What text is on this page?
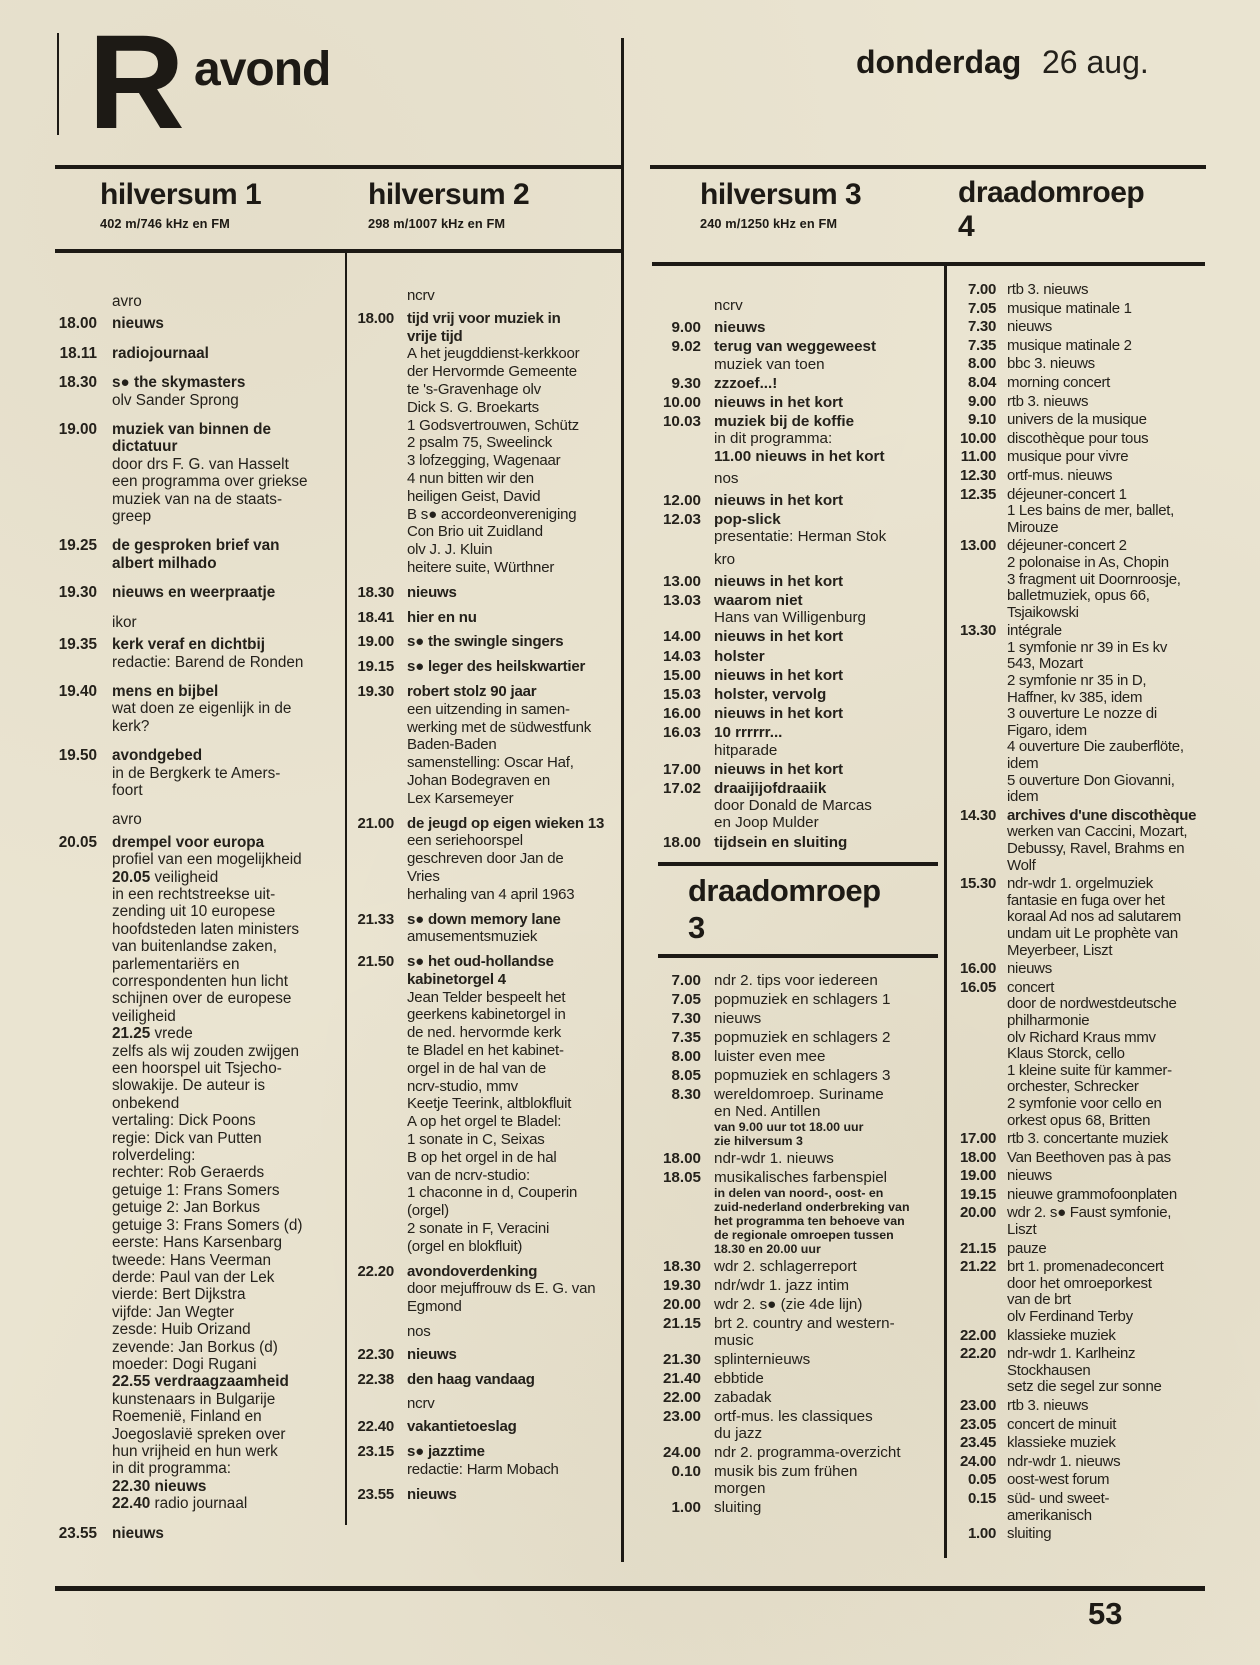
R avond	donderdag 26 aug.
hilversum 1
402 m/746 kHz en FM
hilversum 2
298 m/1007 kHz en FM
hilversum 3
240 m/1250 kHz en FM
draadomroep
4
avro
18.00 nieuws
18.11 radiojournaal
18.30 s● the skymasters
olv Sander Sprong
19.00 muziek van binnen de
dictatuur
door drs F. G. van Hasselt
een programma over griekse
muziek van na de staats-
greep
19.25 de gesproken brief van
albert milhado
19.30 nieuws en weerpraatje
ikor
19.35 kerk veraf en dichtbij
redactie: Barend de Ronden
19.40 mens en bijbel
wat doen ze eigenlijk in de
kerk?
19.50 avondgebed
in de Bergkerk te Amers-
foort
avro
20.05 drempel voor europa
profiel van een mogelijkheid
20.05 veiligheid
in een rechtstreekse uit-
zending uit 10 europese
hoofdsteden laten ministers
van buitenlandse zaken,
parlementariërs en
correspondenten hun licht
schijnen over de europese
veiligheid
21.25 vrede
zelfs als wij zouden zwijgen
een hoorspel uit Tsjecho-
slowakije. De auteur is
onbekend
vertaling: Dick Poons
regie: Dick van Putten
rolverdeling:
rechter: Rob Geraerds
getuige 1: Frans Somers
getuige 2: Jan Borkus
getuige 3: Frans Somers (d)
eerste: Hans Karsenbarg
tweede: Hans Veerman
derde: Paul van der Lek
vierde: Bert Dijkstra
vijfde: Jan Wegter
zesde: Huib Orizand
zevende: Jan Borkus (d)
moeder: Dogi Rugani
22.55 verdraagzaamheid
kunstenaars in Bulgarije
Roemenië, Finland en
Joegoslavië spreken over
hun vrijheid en hun werk
in dit programma:
22.30 nieuws
22.40 radio journaal
23.55 nieuws
ncrv
18.00 tijd vrij voor muziek in
vrije tijd
A het jeugddienst-kerkkoor
der Hervormde Gemeente
te 's-Gravenhage olv
Dick S. G. Broekarts
1 Godsvertrouwen, Schütz
2 psalm 75, Sweelinck
3 lofzegging, Wagenaar
4 nun bitten wir den
heiligen Geist, David
B s● accordeonvereniging
Con Brio uit Zuidland
olv J. J. Kluin
heitere suite, Würthner
18.30 nieuws
18.41 hier en nu
19.00 s● the swingle singers
19.15 s● leger des heilskwartier
19.30 robert stolz 90 jaar
een uitzending in samen-
werking met de südwestfunk
Baden-Baden
samenstelling: Oscar Haf,
Johan Bodegraven en
Lex Karsemeyer
21.00 de jeugd op eigen wieken 13
een seriehoorspel
geschreven door Jan de
Vries
herhaling van 4 april 1963
21.33 s● down memory lane
amusementsmuziek
21.50 s● het oud-hollandse
kabinetorgel 4
Jean Telder bespeelt het
geerkens kabinetorgel in
de ned. hervormde kerk
te Bladel en het kabinet-
orgel in de hal van de
ncrv-studio, mmv
Keetje Teerink, altblokfluit
A op het orgel te Bladel:
1 sonate in C, Seixas
B op het orgel in de hal
van de ncrv-studio:
1 chaconne in d, Couperin
(orgel)
2 sonate in F, Veracini
(orgel en blokfluit)
22.20 avondoverdenking
door mejuffrouw ds E. G. van
Egmond
nos
22.30 nieuws
22.38 den haag vandaag
ncrv
22.40 vakantietoeslag
23.15 s● jazztime
redactie: Harm Mobach
23.55 nieuws
ncrv
9.00 nieuws
9.02 terug van weggeweest
muziek van toen
9.30 zzzoef...!
10.00 nieuws in het kort
10.03 muziek bij de koffie
in dit programma:
11.00 nieuws in het kort
nos
12.00 nieuws in het kort
12.03 pop-slick
presentatie: Herman Stok
kro
13.00 nieuws in het kort
13.03 waarom niet
Hans van Willigenburg
14.00 nieuws in het kort
14.03 holster
15.00 nieuws in het kort
15.03 holster, vervolg
16.00 nieuws in het kort
16.03 10 rrrrrr...
hitparade
17.00 nieuws in het kort
17.02 draaijijofdraaiik
door Donald de Marcas
en Joop Mulder
18.00 tijdsein en sluiting
draadomroep
3
7.00 ndr 2. tips voor iedereen
7.05 popmuziek en schlagers 1
7.30 nieuws
7.35 popmuziek en schlagers 2
8.00 luister even mee
8.05 popmuziek en schlagers 3
8.30 wereldomroep. Suriname
en Ned. Antillen
van 9.00 uur tot 18.00 uur
zie hilversum 3
18.00 ndr-wdr 1. nieuws
18.05 musikalisches farbenspiel
in delen van noord-, oost- en
zuid-nederland onderbreking van
het programma ten behoeve van
de regionale omroepen tussen
18.30 en 20.00 uur
18.30 wdr 2. schlagerreport
19.30 ndr/wdr 1. jazz intim
20.00 wdr 2. s● (zie 4de lijn)
21.15 brt 2. country and western-
music
21.30 splinternieuws
21.40 ebbtide
22.00 zabadak
23.00 ortf-mus. les classiques
du jazz
24.00 ndr 2. programma-overzicht
0.10 musik bis zum frühen
morgen
1.00 sluiting
7.00 rtb 3. nieuws
7.05 musique matinale 1
7.30 nieuws
7.35 musique matinale 2
8.00 bbc 3. nieuws
8.04 morning concert
9.00 rtb 3. nieuws
9.10 univers de la musique
10.00 discothèque pour tous
11.00 musique pour vivre
12.30 ortf-mus. nieuws
12.35 déjeuner-concert 1
1 Les bains de mer, ballet,
Mirouze
13.00 déjeuner-concert 2
2 polonaise in As, Chopin
3 fragment uit Doornroosje,
balletmuziek, opus 66,
Tsjaikowski
13.30 intégrale
1 symfonie nr 39 in Es kv
543, Mozart
2 symfonie nr 35 in D,
Haffner, kv 385, idem
3 ouverture Le nozze di
Figaro, idem
4 ouverture Die zauberflöte,
idem
5 ouverture Don Giovanni,
idem
14.30 archives d'une discothèque
werken van Caccini, Mozart,
Debussy, Ravel, Brahms en
Wolf
15.30 ndr-wdr 1. orgelmuziek
fantasie en fuga over het
koraal Ad nos ad salutarem
undam uit Le prophète van
Meyerbeer, Liszt
16.00 nieuws
16.05 concert
door de nordwestdeutsche
philharmonie
olv Richard Kraus mmv
Klaus Storck, cello
1 kleine suite für kammer-
orchester, Schrecker
2 symfonie voor cello en
orkest opus 68, Britten
17.00 rtb 3. concertante muziek
18.00 Van Beethoven pas à pas
19.00 nieuws
19.15 nieuwe grammofoonplaten
20.00 wdr 2. s● Faust symfonie,
Liszt
21.15 pauze
21.22 brt 1. promenadeconcert
door het omroeporkest
van de brt
olv Ferdinand Terby
22.00 klassieke muziek
22.20 ndr-wdr 1. Karlheinz
Stockhausen
setz die segel zur sonne
23.00 rtb 3. nieuws
23.05 concert de minuit
23.45 klassieke muziek
24.00 ndr-wdr 1. nieuws
0.05 oost-west forum
0.15 süd- und sweet-
amerikanisch
1.00 sluiting
53
